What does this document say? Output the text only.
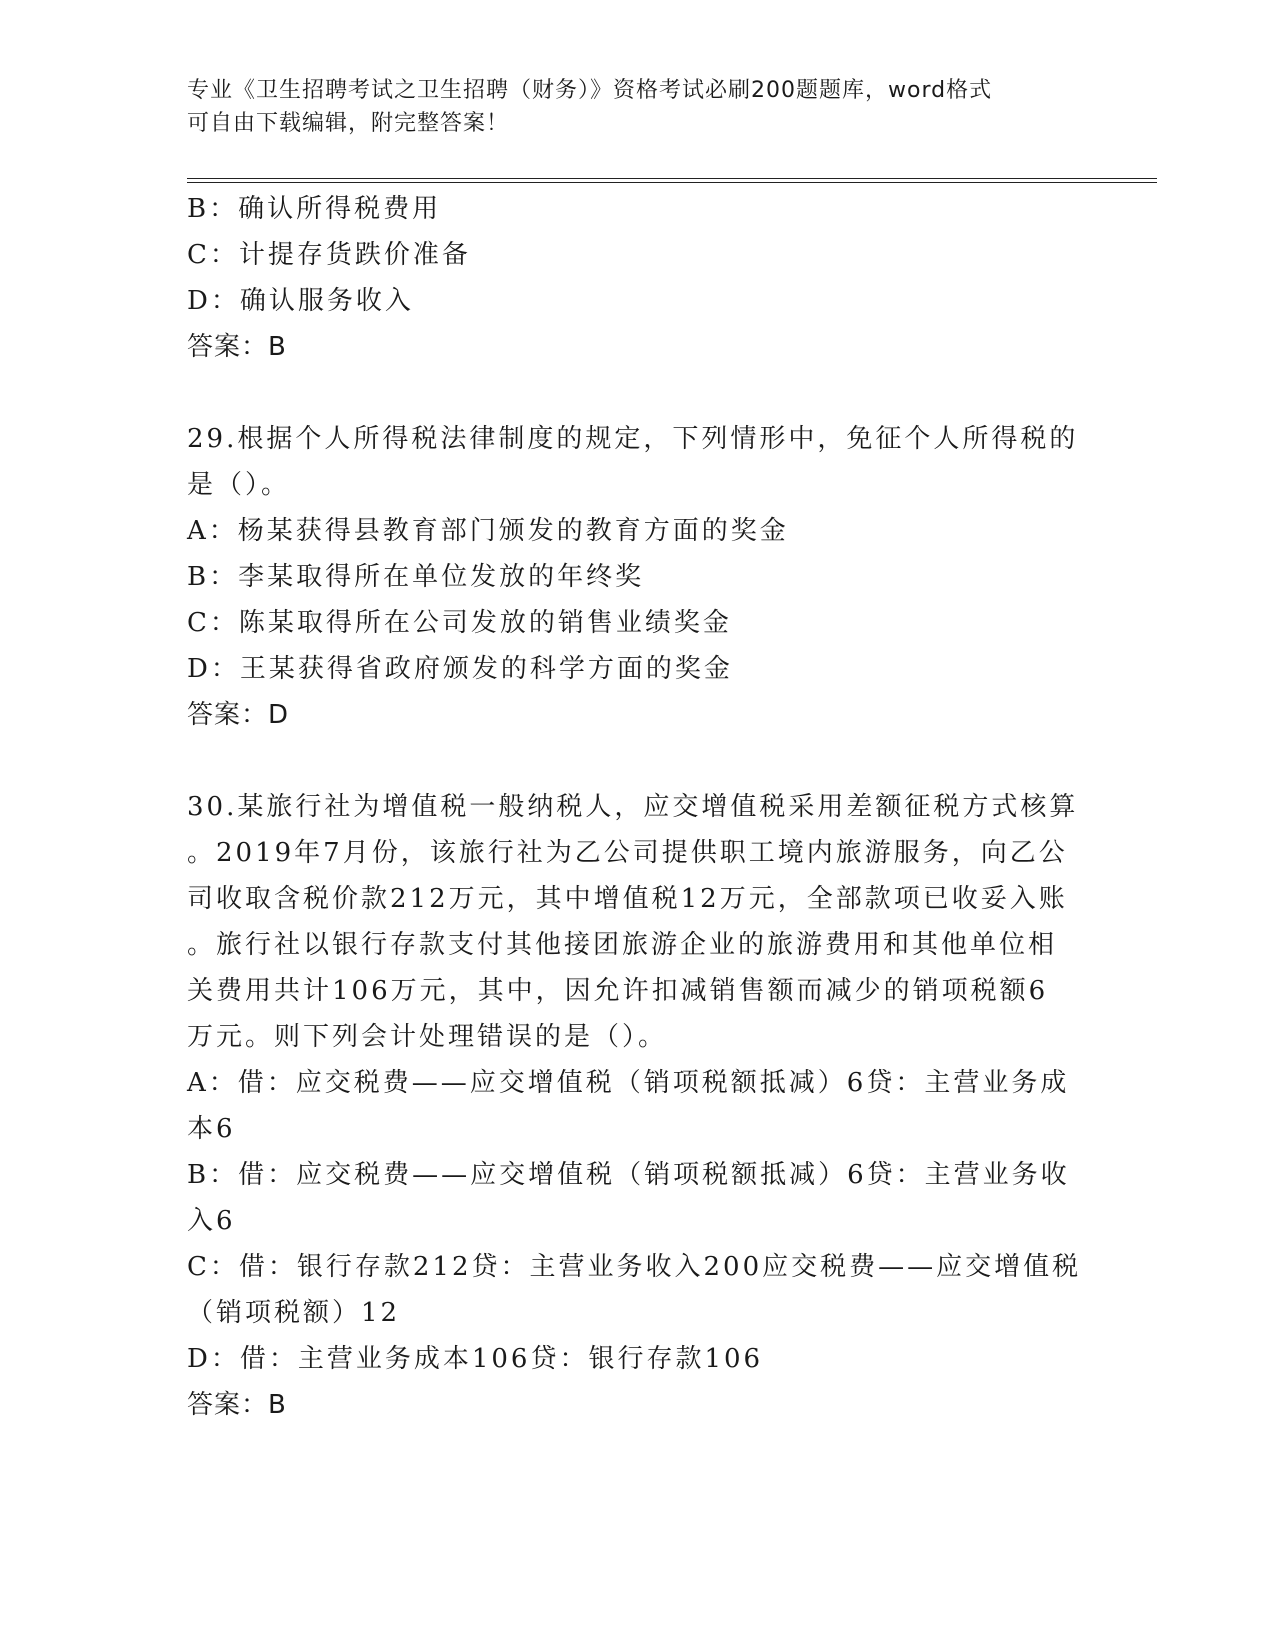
专业《卫生招聘考试之卫生招聘（财务）》资格考试必刷200题题库，word格式
可自由下载编辑，附完整答案！
B：确认所得税费用
C：计提存货跌价准备
D：确认服务收入
答案：B
29.根据个人所得税法律制度的规定，下列情形中，免征个人所得税的
是（）。
A：杨某获得县教育部门颁发的教育方面的奖金
B：李某取得所在单位发放的年终奖
C：陈某取得所在公司发放的销售业绩奖金
D：王某获得省政府颁发的科学方面的奖金
答案：D
30.某旅行社为增值税一般纳税人，应交增值税采用差额征税方式核算
。2019年7月份，该旅行社为乙公司提供职工境内旅游服务，向乙公
司收取含税价款212万元，其中增值税12万元，全部款项已收妥入账
。旅行社以银行存款支付其他接团旅游企业的旅游费用和其他单位相
关费用共计106万元，其中，因允许扣减销售额而减少的销项税额6
万元。则下列会计处理错误的是（）。
A：借：应交税费——应交增值税（销项税额抵减）6贷：主营业务成
本6
B：借：应交税费——应交增值税（销项税额抵减）6贷：主营业务收
入6
C：借：银行存款212贷：主营业务收入200应交税费——应交增值税
（销项税额）12
D：借：主营业务成本106贷：银行存款106
答案：B
